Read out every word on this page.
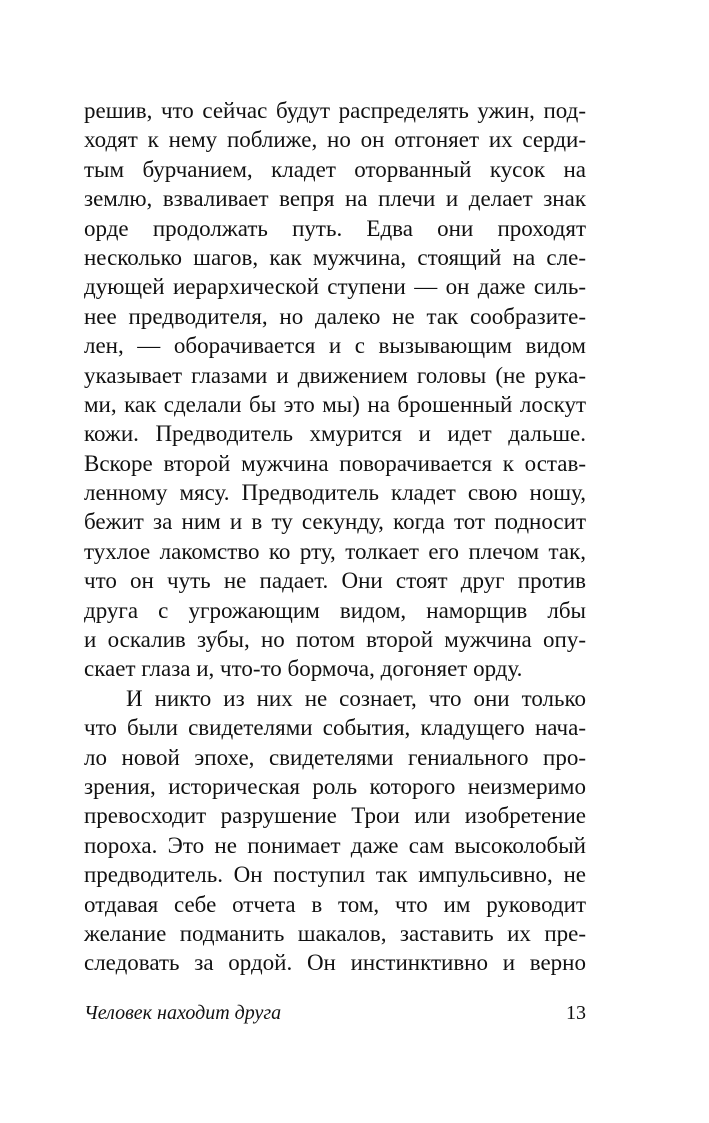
решив, что сейчас будут распределять ужин, под-
ходят к нему поближе, но он отгоняет их серди-
тым бурчанием, кладет оторванный кусок на
землю, взваливает вепря на плечи и делает знак
орде продолжать путь. Едва они проходят
несколько шагов, как мужчина, стоящий на сле-
дующей иерархической ступени — он даже силь-
нее предводителя, но далеко не так сообразите-
лен, — оборачивается и с вызывающим видом
указывает глазами и движением головы (не рука-
ми, как сделали бы это мы) на брошенный лоскут
кожи. Предводитель хмурится и идет дальше.
Вскоре второй мужчина поворачивается к остав-
ленному мясу. Предводитель кладет свою ношу,
бежит за ним и в ту секунду, когда тот подносит
тухлое лакомство ко рту, толкает его плечом так,
что он чуть не падает. Они стоят друг против
друга с угрожающим видом, наморщив лбы
и оскалив зубы, но потом второй мужчина опу-
скает глаза и, что-то бормоча, догоняет орду.
И никто из них не сознает, что они только
что были свидетелями события, кладущего нача-
ло новой эпохе, свидетелями гениального про-
зрения, историческая роль которого неизмеримо
превосходит разрушение Трои или изобретение
пороха. Это не понимает даже сам высоколобый
предводитель. Он поступил так импульсивно, не
отдавая себе отчета в том, что им руководит
желание подманить шакалов, заставить их пре-
следовать за ордой. Он инстинктивно и верно
Человек находит друга	13
